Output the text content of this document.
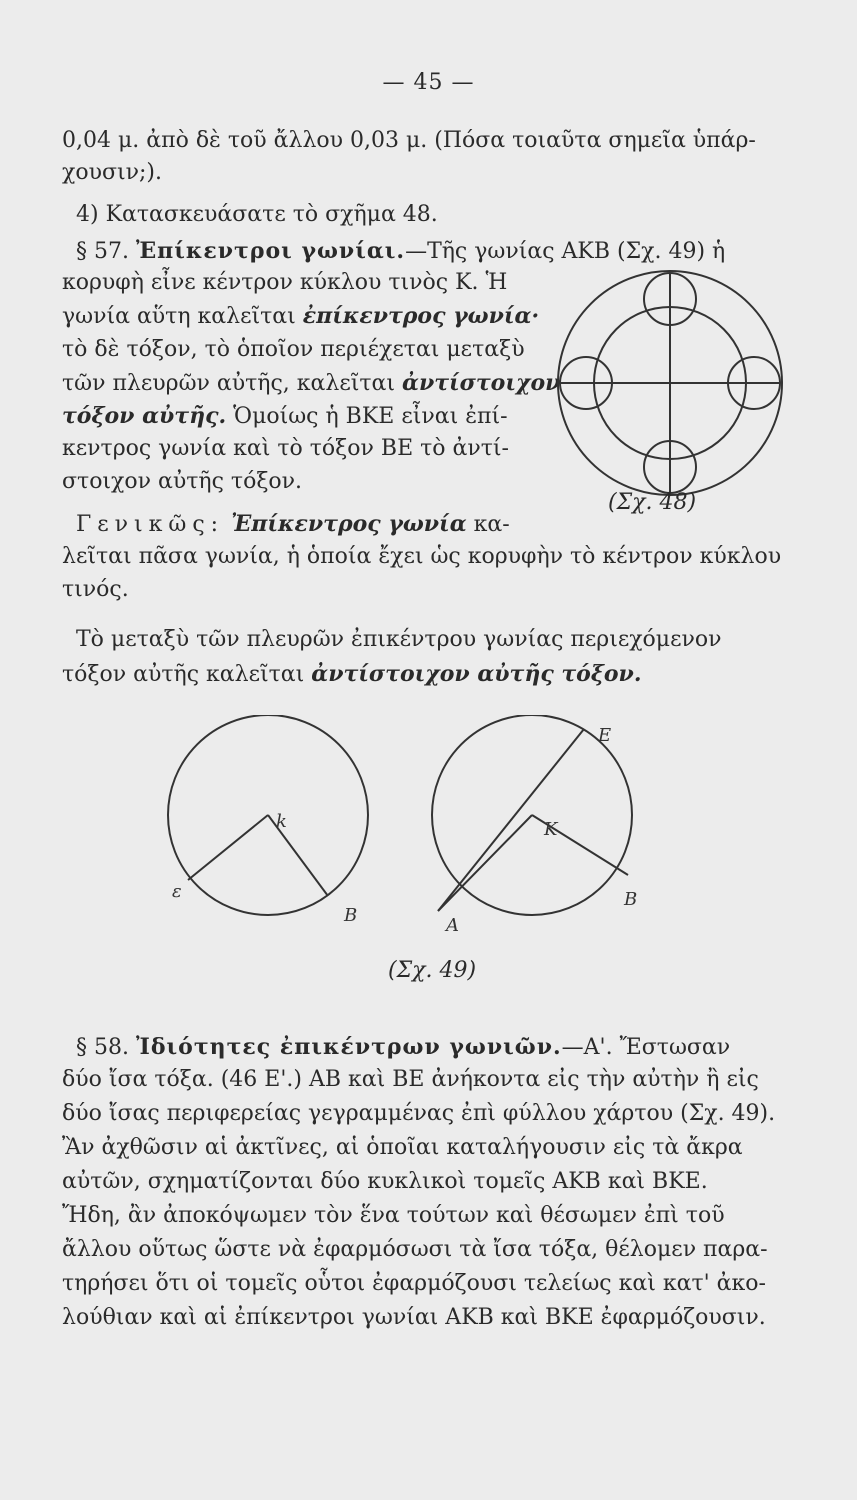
— 45 —
0,04 μ. ἀπὸ δὲ τοῦ ἄλλου 0,03 μ. (Πόσα τοιαῦτα σημεῖα ὑπάρ-
χουσιν;).
4) Κατασκευάσατε τὸ σχῆμα 48.
§ 57. Ἐπίκεντροι γωνίαι.—Τῆς γωνίας ΑΚΒ (Σχ. 49) ἡ
κορυφὴ εἶνε κέντρον κύκλου τινὸς Κ. Ἡ
γωνία αὕτη καλεῖται ἐπίκεντρος γωνία·
τὸ δὲ τόξον, τὸ ὁποῖον περιέχεται μεταξὺ
τῶν πλευρῶν αὐτῆς, καλεῖται ἀντίστοιχον
τόξον αὐτῆς. Ὁμοίως ἡ ΒΚΕ εἶναι ἐπί-
κεντρος γωνία καὶ τὸ τόξον ΒΕ τὸ ἀντί-
στοιχον αὐτῆς τόξον.
(Σχ. 48)
Γενικῶς: Ἐπίκεντρος γωνία κα-
λεῖται πᾶσα γωνία, ἡ ὁποία ἔχει ὡς κορυφὴν τὸ κέντρον κύκλου
τινός.
Τὸ μεταξὺ τῶν πλευρῶν ἐπικέντρου γωνίας περιεχόμενον
τόξον αὐτῆς καλεῖται ἀντίστοιχον αὐτῆς τόξον.
k
ε
B
E
K
A
B
(Σχ. 49)
§ 58. Ἰδιότητες ἐπικέντρων γωνιῶν.—Α'. Ἔστωσαν
δύο ἴσα τόξα. (46 Ε'.) ΑΒ καὶ ΒΕ ἀνήκοντα εἰς τὴν αὐτὴν ἢ εἰς
δύο ἴσας περιφερείας γεγραμμένας ἐπὶ φύλλου χάρτου (Σχ. 49).
Ἂν ἀχθῶσιν αἱ ἀκτῖνες, αἱ ὁποῖαι καταλήγουσιν εἰς τὰ ἄκρα
αὐτῶν, σχηματίζονται δύο κυκλικοὶ τομεῖς ΑΚΒ καὶ ΒΚΕ.
Ἤδη, ἂν ἀποκόψωμεν τὸν ἕνα τούτων καὶ θέσωμεν ἐπὶ τοῦ
ἄλλου οὕτως ὥστε νὰ ἐφαρμόσωσι τὰ ἴσα τόξα, θέλομεν παρα-
τηρήσει ὅτι οἱ τομεῖς οὗτοι ἐφαρμόζουσι τελείως καὶ κατ' ἀκο-
λούθιαν καὶ αἱ ἐπίκεντροι γωνίαι ΑΚΒ καὶ ΒΚΕ ἐφαρμόζουσιν.
